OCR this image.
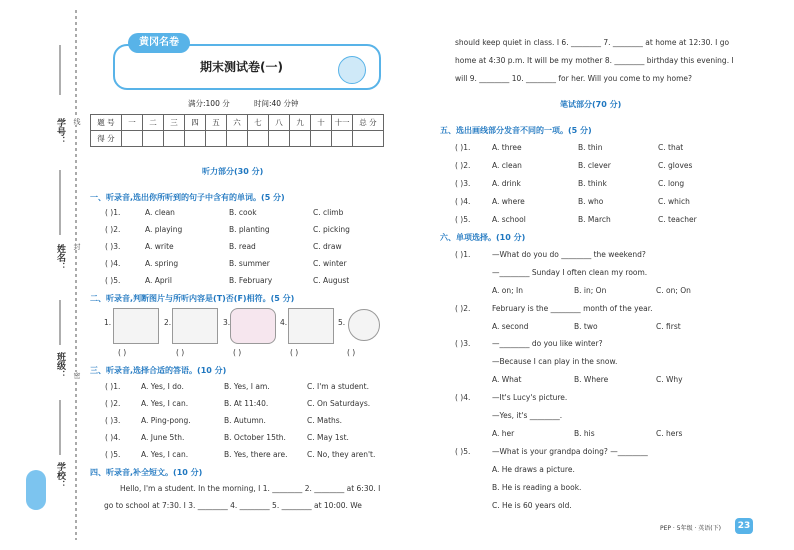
学号：
姓名：
班级：
学校：
线
封
密
黄冈名卷
期末测试卷(一)
满分:100 分	时间:40 分钟
题 号	一	二	三	四	五	六	七	八	九	十	十一	总 分
得 分												
听力部分(30 分)
一、听录音,选出你所听到的句子中含有的单词。(5 分)
( )1.	A. clean	B. cook	C. climb
( )2.	A. playing	B. planting	C. picking
( )3.	A. write	B. read	C. draw
( )4.	A. spring	B. summer	C. winter
( )5.	A. April	B. February	C. August
二、听录音,判断图片与所听内容是(T)否(F)相符。(5 分)
1.	2.	3.	4.	5.
( )	( )	( )	( )	( )
三、听录音,选择合适的答语。(10 分)
( )1.	A. Yes, I do.	B. Yes, I am.	C. I'm a student.
( )2.	A. Yes, I can.	B. At 11:40.	C. On Saturdays.
( )3.	A. Ping-pong.	B. Autumn.	C. Maths.
( )4.	A. June 5th.	B. October 15th.	C. May 1st.
( )5.	A. Yes, I can.	B. Yes, there are.	C. No, they aren't.
四、听录音,补全短文。(10 分)
Hello, I'm a student. In the morning, I 1. ________ 2. ________ at 6:30. I
go to school at 7:30. I 3. ________ 4. ________ 5. ________ at 10:00. We
should keep quiet in class. I 6. ________ 7. ________ at home at 12:30. I go
home at 4:30 p.m. It will be my mother 8. ________ birthday this evening. I
will 9. ________ 10. ________ for her. Will you come to my home?
笔试部分(70 分)
五、选出画线部分发音不同的一项。(5 分)
( )1.	A. three	B. thin	C. that
( )2.	A. clean	B. clever	C. gloves
( )3.	A. drink	B. think	C. long
( )4.	A. where	B. who	C. which
( )5.	A. school	B. March	C. teacher
六、单项选择。(10 分)
( )1.	—What do you do ________ the weekend?
—________ Sunday I often clean my room.
A. on; In	B. in; On	C. on; On
( )2.	February is the ________ month of the year.
A. second	B. two	C. first
( )3.	—________ do you like winter?
—Because I can play in the snow.
A. What	B. Where	C. Why
( )4.	—It's Lucy's picture.
—Yes, it's ________.
A. her	B. his	C. hers
( )5.	—What is your grandpa doing? —________
A. He draws a picture.
B. He is reading a book.
C. He is 60 years old.
PEP · 5年级 · 英语(下)	23
